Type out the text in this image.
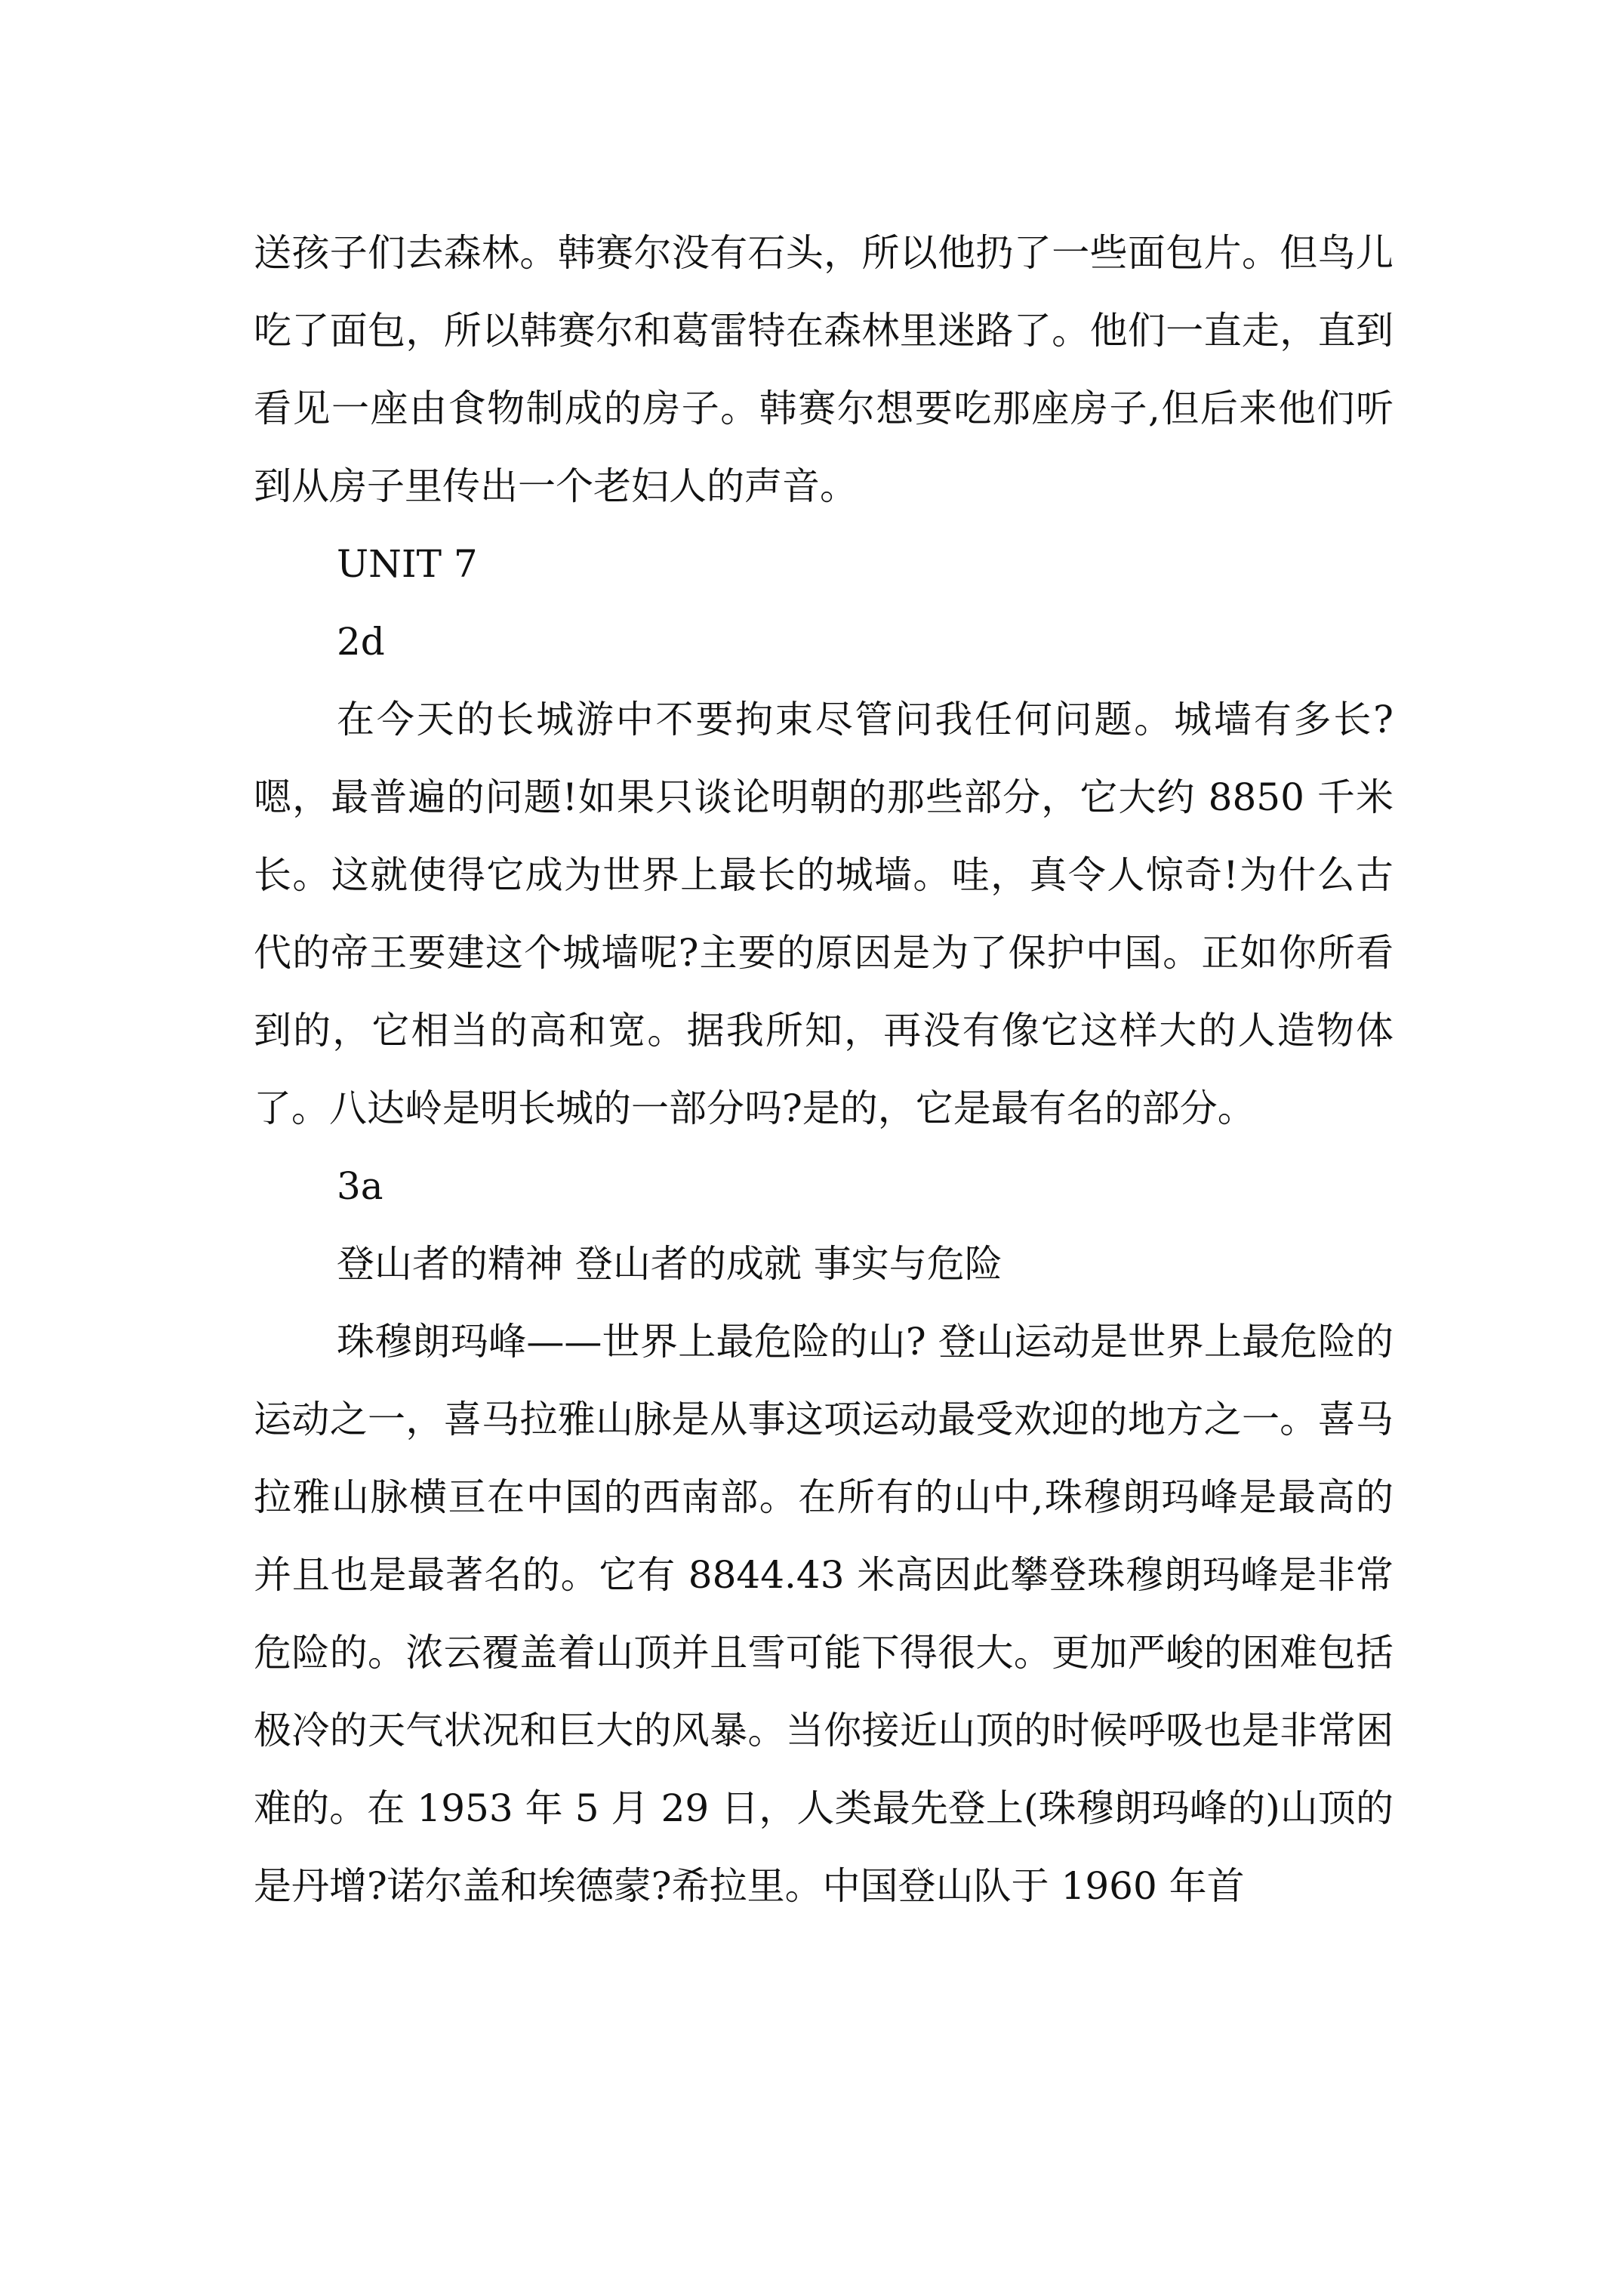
送孩子们去森林。韩赛尔没有石头，所以他扔了一些面包片。但鸟儿吃了面包，所以韩赛尔和葛雷特在森林里迷路了。他们一直走，直到看见一座由食物制成的房子。韩赛尔想要吃那座房子,但后来他们听到从房子里传出一个老妇人的声音。

UNIT 7

2d

在今天的长城游中不要拘束尽管问我任何问题。城墙有多长?嗯，最普遍的问题!如果只谈论明朝的那些部分，它大约 8850 千米长。这就使得它成为世界上最长的城墙。哇，真令人惊奇!为什么古代的帝王要建这个城墙呢?主要的原因是为了保护中国。正如你所看到的，它相当的高和宽。据我所知，再没有像它这样大的人造物体了。八达岭是明长城的一部分吗?是的，它是最有名的部分。

3a

登山者的精神 登山者的成就 事实与危险

珠穆朗玛峰——世界上最危险的山? 登山运动是世界上最危险的运动之一，喜马拉雅山脉是从事这项运动最受欢迎的地方之一。喜马拉雅山脉横亘在中国的西南部。在所有的山中,珠穆朗玛峰是最高的并且也是最著名的。它有 8844.43 米高因此攀登珠穆朗玛峰是非常危险的。浓云覆盖着山顶并且雪可能下得很大。更加严峻的困难包括极冷的天气状况和巨大的风暴。当你接近山顶的时候呼吸也是非常困难的。在 1953 年 5 月 29 日，人类最先登上(珠穆朗玛峰的)山顶的是丹增?诺尔盖和埃德蒙?希拉里。中国登山队于 1960 年首
